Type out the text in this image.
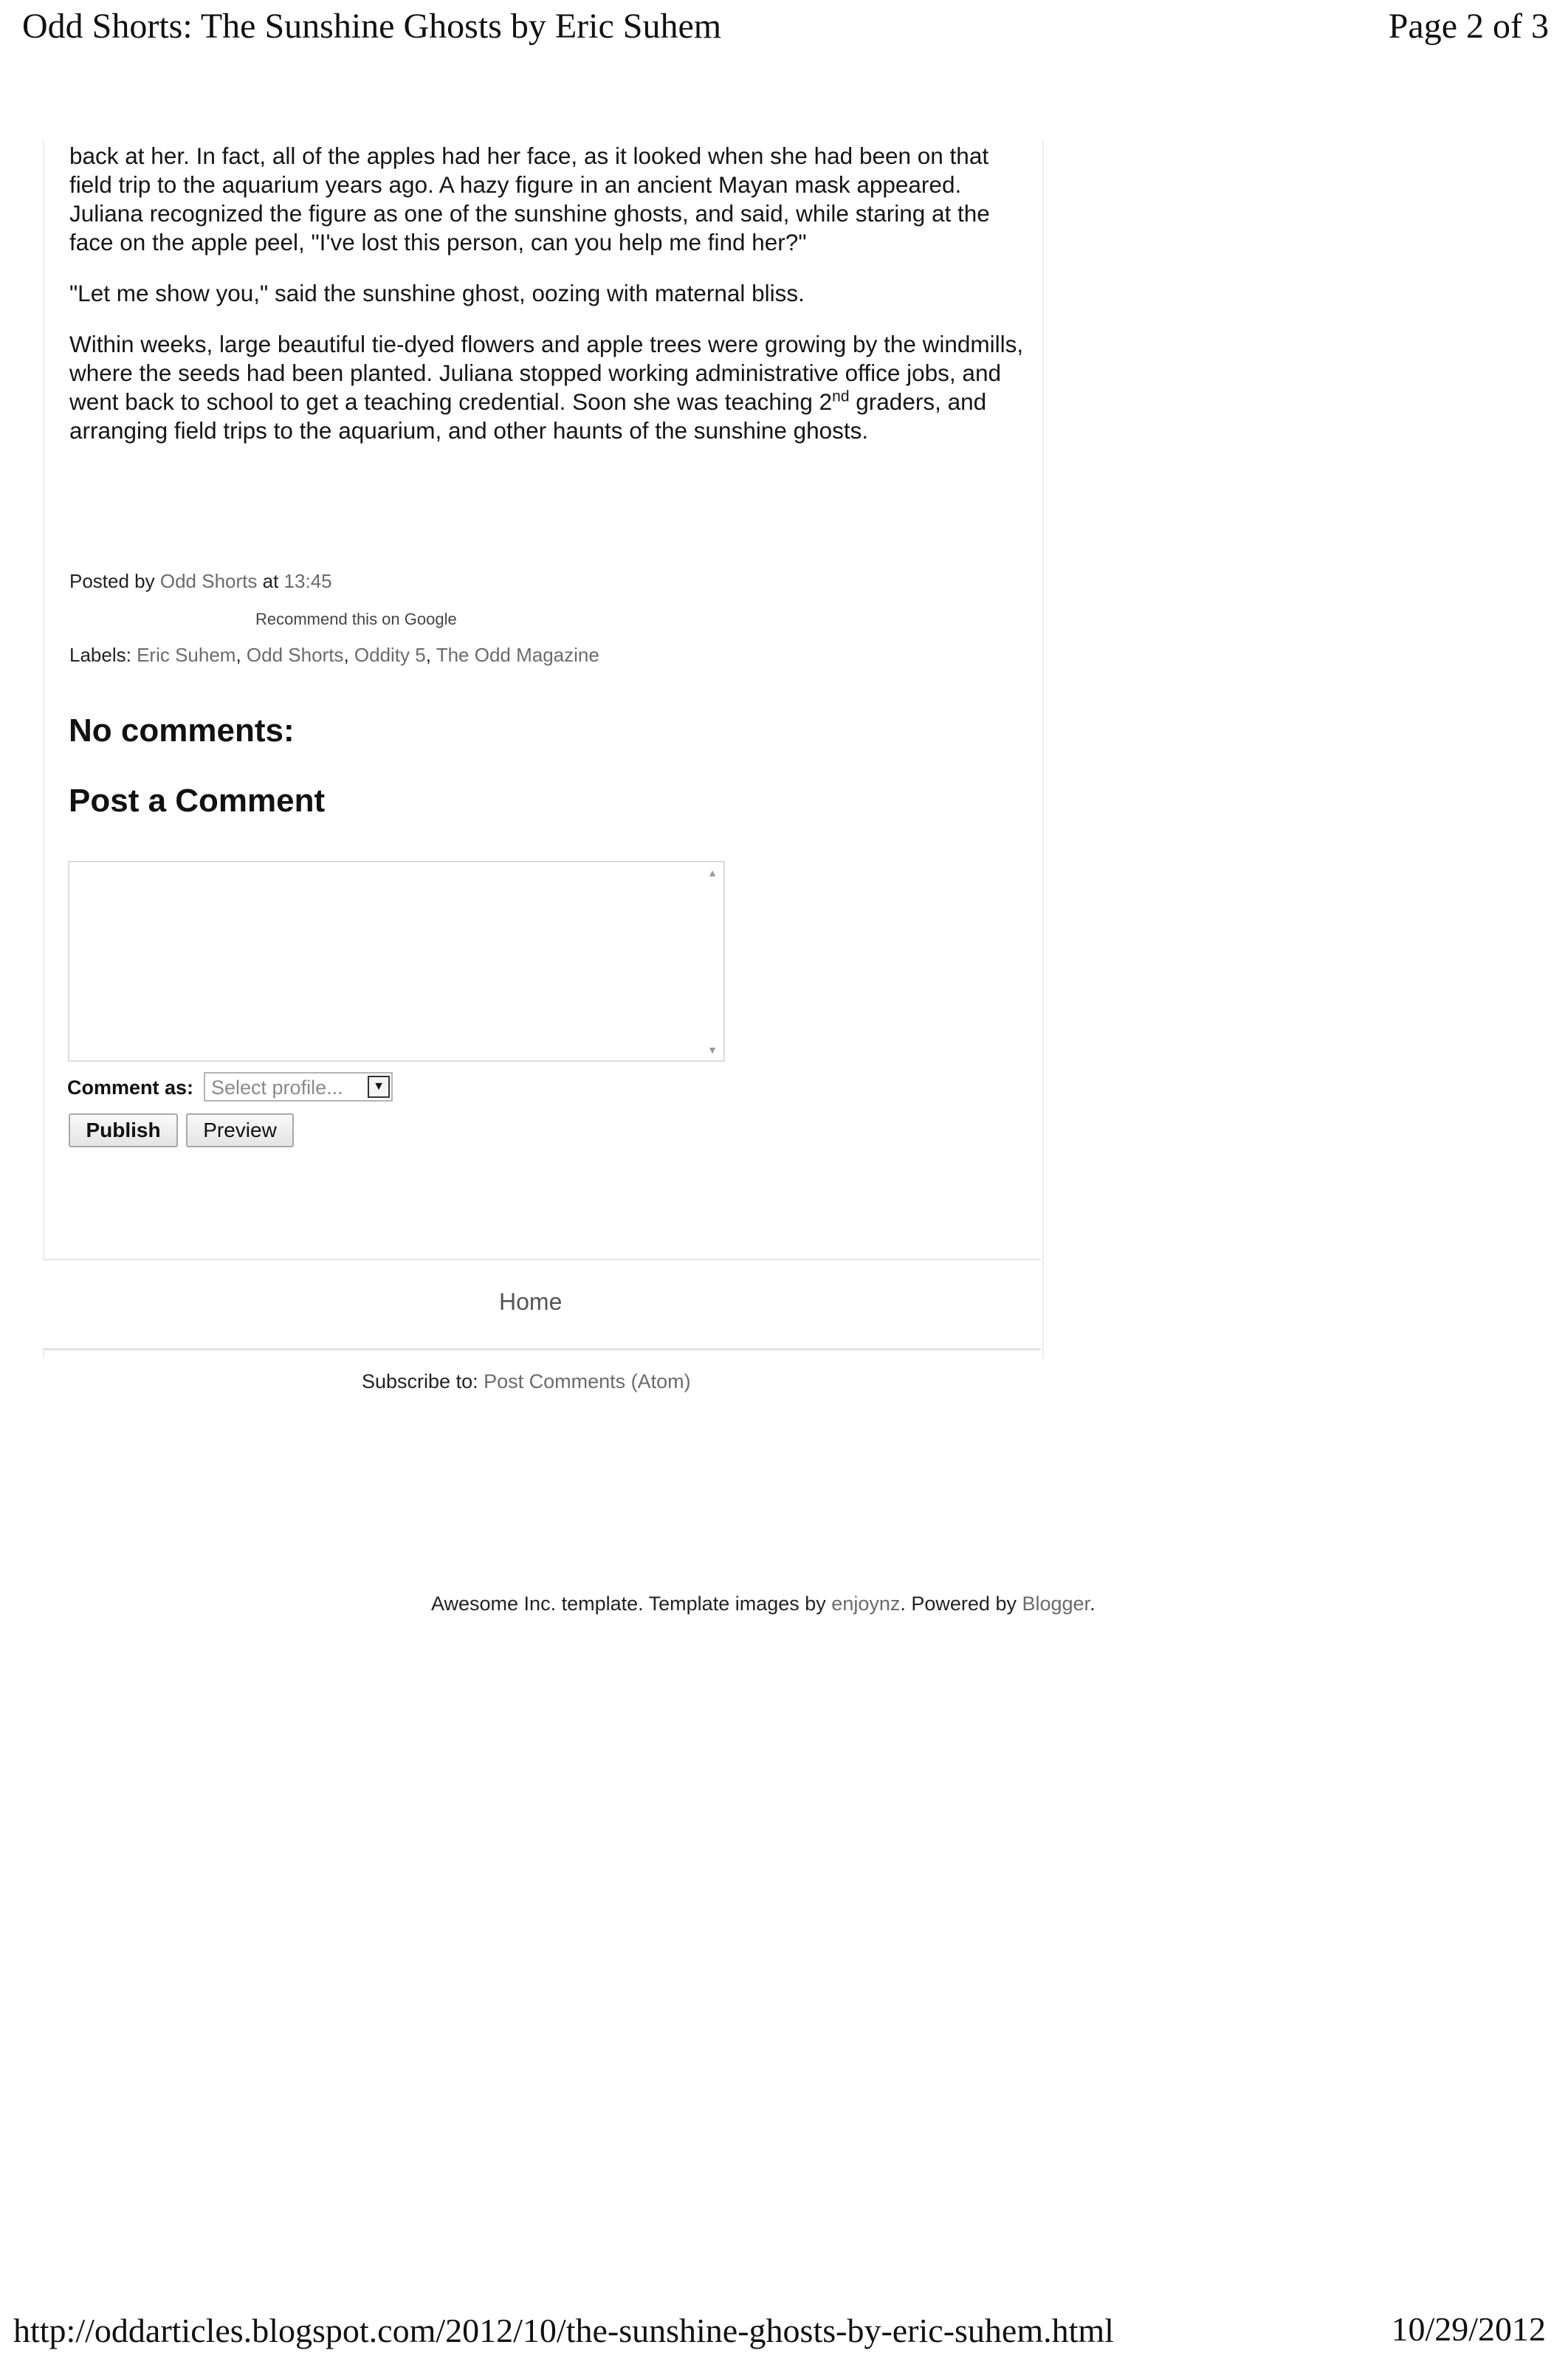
Odd Shorts: The Sunshine Ghosts by Eric Suhem	Page 2 of 3

back at her. In fact, all of the apples had her face, as it looked when she had been on that field trip to the aquarium years ago. A hazy figure in an ancient Mayan mask appeared. Juliana recognized the figure as one of the sunshine ghosts, and said, while staring at the face on the apple peel, "I've lost this person, can you help me find her?"

"Let me show you," said the sunshine ghost, oozing with maternal bliss.

Within weeks, large beautiful tie-dyed flowers and apple trees were growing by the windmills, where the seeds had been planted. Juliana stopped working administrative office jobs, and went back to school to get a teaching credential. Soon she was teaching 2nd graders, and arranging field trips to the aquarium, and other haunts of the sunshine ghosts.

Posted by Odd Shorts at 13:45
Recommend this on Google
Labels: Eric Suhem, Odd Shorts, Oddity 5, The Odd Magazine
No comments:
Post a Comment
▲
▼
Comment as: Select profile...	▼
Publish	Preview
Home
Subscribe to: Post Comments (Atom)
Awesome Inc. template. Template images by enjoynz. Powered by Blogger.
http://oddarticles.blogspot.com/2012/10/the-sunshine-ghosts-by-eric-suhem.html	10/29/2012
